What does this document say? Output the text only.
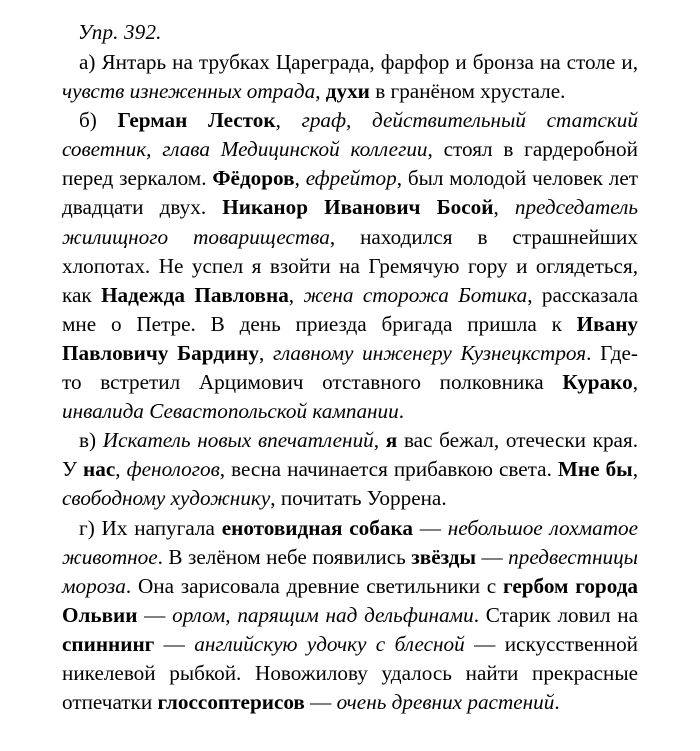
Упр. 392.

а) Янтарь на трубках Цареграда, фарфор и бронза на столе и, чувств изнеженных отрада, духи в гранёном хрустале.

б) Герман Лесток, граф, действительный статский советник, глава Медицинской коллегии, стоял в гардеробной перед зеркалом. Фёдоров, ефрейтор, был молодой человек лет двадцати двух. Никанор Иванович Босой, председатель жилищного товарищества, находился в страшнейших хлопотах. Не успел я взойти на Гремячую гору и оглядеться, как Надежда Павловна, жена сторожа Ботика, рассказала мне о Петре. В день приезда бригада пришла к Ивану Павловичу Бардину, главному инженеру Кузнецкстроя. Где-то встретил Арцимович отставного полковника Курако, инвалида Севастопольской кампании.

в) Искатель новых впечатлений, я вас бежал, отечески края. У нас, фенологов, весна начинается прибавкою света. Мне бы, свободному художнику, почитать Уоррена.

г) Их напугала енотовидная собака — небольшое лохматое животное. В зелёном небе появились звёзды — предвестницы мороза. Она зарисовала древние светильники с гербом города Ольвии — орлом, парящим над дельфинами. Старик ловил на спиннинг — английскую удочку с блесной — искусственной никелевой рыбкой. Новожилову удалось найти прекрасные отпечатки глоссоптерисов — очень древних растений.
